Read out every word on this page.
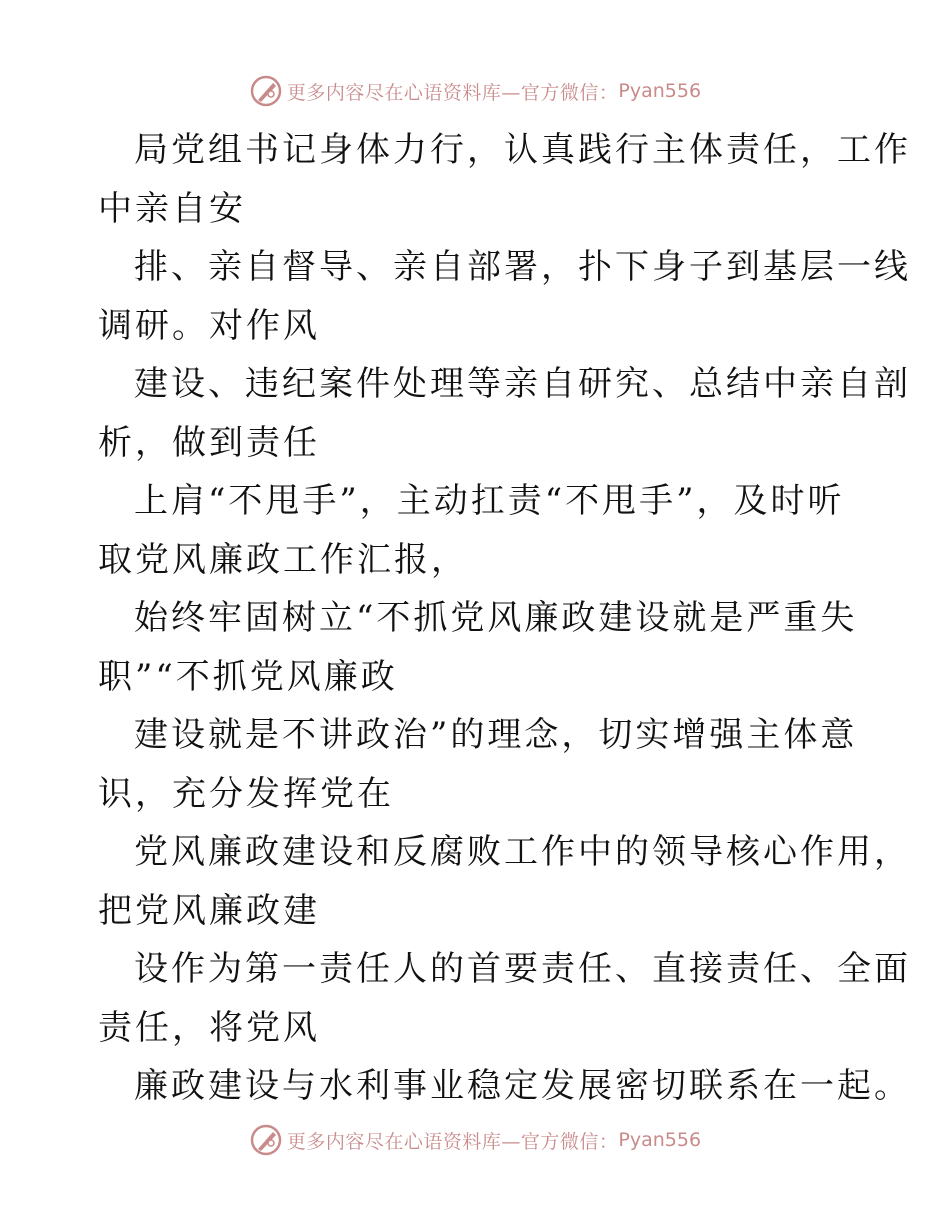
更多内容尽在心语资料库—官方微信： Pyan556

局党组书记身体力行，认真践行主体责任，工作

中亲自安

排、亲自督导、亲自部署，扑下身子到基层一线

调研。对作风

建设、违纪案件处理等亲自研究、总结中亲自剖

析，做到责任

上肩“不甩手”，主动扛责“不甩手”，及时听

取党风廉政工作汇报，

始终牢固树立“不抓党风廉政建设就是严重失

职”“不抓党风廉政

建设就是不讲政治”的理念，切实增强主体意

识，充分发挥党在

党风廉政建设和反腐败工作中的领导核心作用，

把党风廉政建

设作为第一责任人的首要责任、直接责任、全面

责任，将党风

廉政建设与水利事业稳定发展密切联系在一起。

更多内容尽在心语资料库—官方微信： Pyan556
